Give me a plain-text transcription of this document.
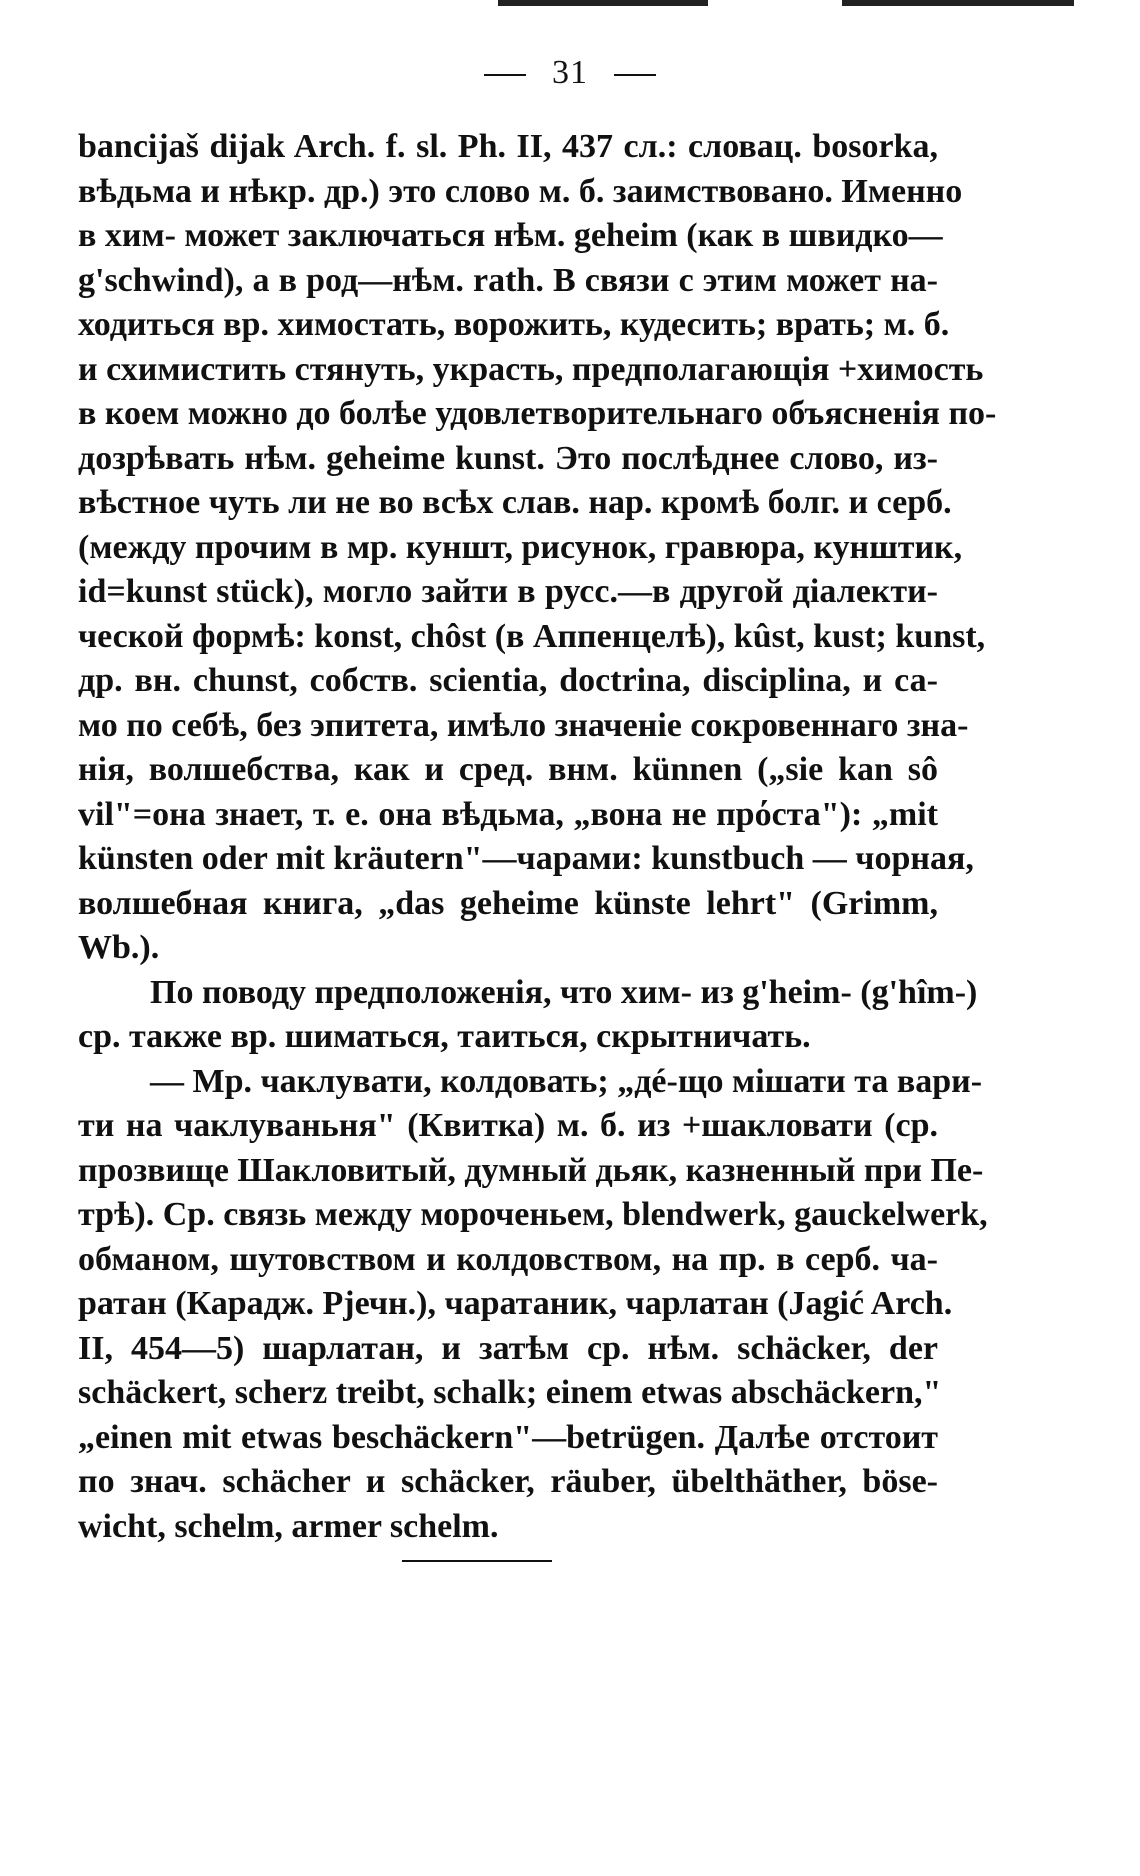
31
bancijaš dijak Arch. f. sl. Ph. II, 437 сл.: словац. bosorka,
вѣдьма и нѣкр. др.) это слово м. б. заимствовано. Именно
в хим- может заключаться нѣм. geheim (как в швидко—
g'schwind), а в род—нѣм. rath. В связи с этим может на-
ходиться вр. химостать, ворожить, кудесить; врать; м. б.
и схимистить стянуть, украсть, предполагающія +химость
в коем можно до болѣе удовлетворительнаго объясненія по-
дозрѣвать нѣм. geheime kunst. Это послѣднее слово, из-
вѣстное чуть ли не во всѣх слав. нар. кромѣ болг. и серб.
(между прочим в мр. куншт, рисунок, гравюра, кунштик,
id=kunst stück), могло зайти в русс.—в другой діалекти-
ческой формѣ: konst, chôst (в Аппенцелѣ), kûst, kust; kunst,
др. вн. chunst, собств. scientia, doctrina, disciplina, и са-
мо по себѣ, без эпитета, имѣло значеніе сокровеннаго зна-
нія, волшебства, как и сред. внм. künnen („sie kan sô
vil"=она знает, т. е. она вѣдьма, „вона не прόста"): „mit
künsten oder mit kräutern"—чарами: kunstbuch — чорная,
волшебная книга, „das geheime künste lehrt" (Grimm,
Wb.).
По поводу предположенія, что хим- из g'heim- (g'hîm-)
ср. также вр. шиматься, таиться, скрытничать.
— Мр. чаклувати, колдовать; „дé-що мішати та вари-
ти на чаклуваньня" (Квитка) м. б. из +шакловати (ср.
прозвище Шакловитый, думный дьяк, казненный при Пе-
трѣ). Ср. связь между мороченьем, blendwerk, gauckelwerk,
обманом, шутовством и колдовством, на пр. в серб. ча-
ратан (Карадж. Рјечн.), чаратаник, чарлатан (Jagić Arch.
II, 454—5) шарлатан, и затѣм ср. нѣм. schäcker, der
schäckert, scherz treibt, schalk; einem etwas abschäckern,"
„einen mit etwas beschäckern"—betrügen. Далѣе отстоит
по знач. schächer и schäcker, räuber, übelthäther, böse-
wicht, schelm, armer schelm.
